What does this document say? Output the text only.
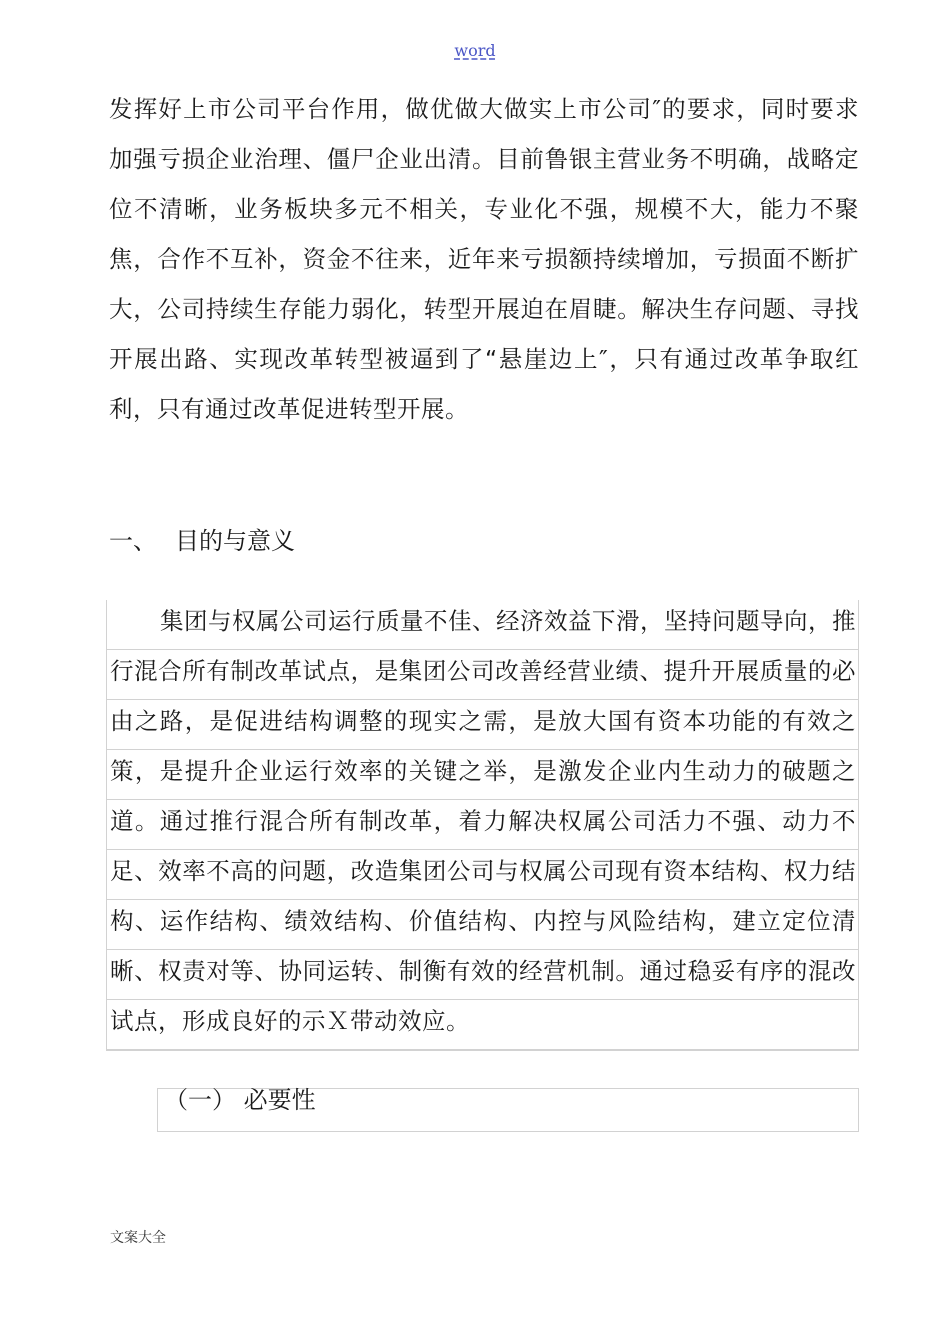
word
发挥好上市公司平台作用，做优做大做实上市公司″的要求，同时要求加强亏损企业治理、僵尸企业出清。目前鲁银主营业务不明确，战略定位不清晰，业务板块多元不相关，专业化不强，规模不大，能力不聚焦，合作不互补，资金不往来，近年来亏损额持续增加，亏损面不断扩大，公司持续生存能力弱化，转型开展迫在眉睫。解决生存问题、寻找开展出路、实现改革转型被逼到了“悬崖边上″，只有通过改革争取红利，只有通过改革促进转型开展。
一、 目的与意义
集团与权属公司运行质量不佳、经济效益下滑，坚持问题导向，推行混合所有制改革试点，是集团公司改善经营业绩、提升开展质量的必由之路，是促进结构调整的现实之需，是放大国有资本功能的有效之策，是提升企业运行效率的关键之举，是激发企业内生动力的破题之道。通过推行混合所有制改革，着力解决权属公司活力不强、动力不足、效率不高的问题，改造集团公司与权属公司现有资本结构、权力结构、运作结构、绩效结构、价值结构、内控与风险结构，建立定位清晰、权责对等、协同运转、制衡有效的经营机制。通过稳妥有序的混改试点，形成良好的示Ｘ带动效应。
（一） 必要性
文案大全
